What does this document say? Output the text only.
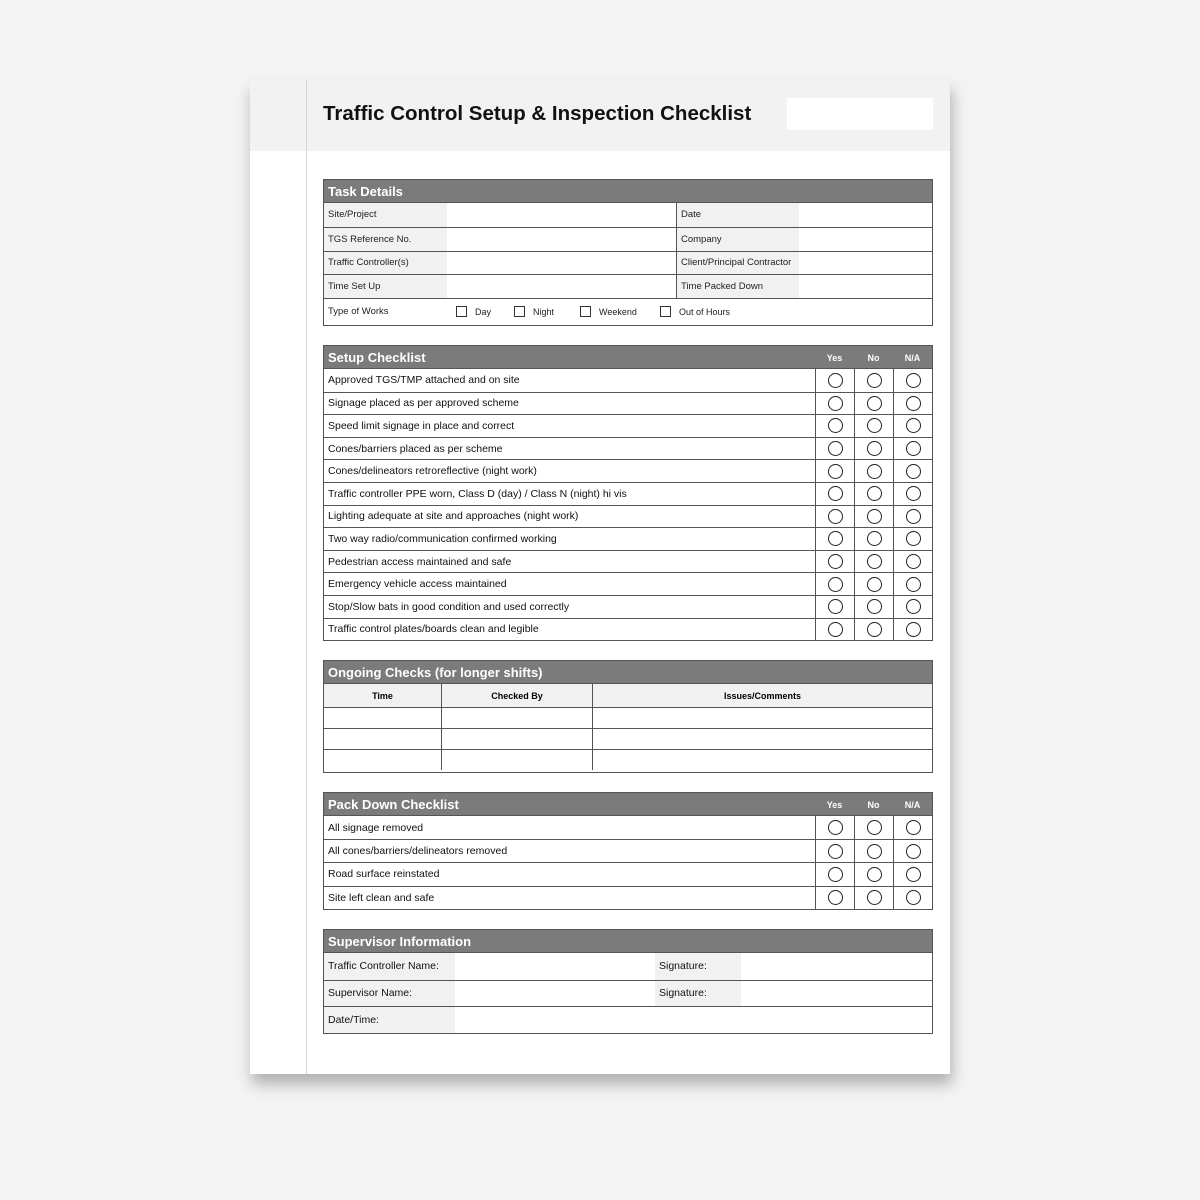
Traffic Control Setup & Inspection Checklist
Task Details
Site/Project	Date
TGS Reference No.	Company
Traffic Controller(s)	Client/Principal Contractor
Time Set Up	Time Packed Down
Type of Works	Day	Night	Weekend	Out of Hours
Setup Checklist	Yes	No	N/A
Approved TGS/TMP attached and on site
Signage placed as per approved scheme
Speed limit signage in place and correct
Cones/barriers placed as per scheme
Cones/delineators retroreflective (night work)
Traffic controller PPE worn, Class D (day) / Class N (night) hi vis
Lighting adequate at site and approaches (night work)
Two way radio/communication confirmed working
Pedestrian access maintained and safe
Emergency vehicle access maintained
Stop/Slow bats in good condition and used correctly
Traffic control plates/boards clean and legible
Ongoing Checks (for longer shifts)
Time	Checked By	Issues/Comments
Pack Down Checklist	Yes	No	N/A
All signage removed
All cones/barriers/delineators removed
Road surface reinstated
Site left clean and safe
Supervisor Information
Traffic Controller Name:	Signature:
Supervisor Name:	Signature:
Date/Time:
